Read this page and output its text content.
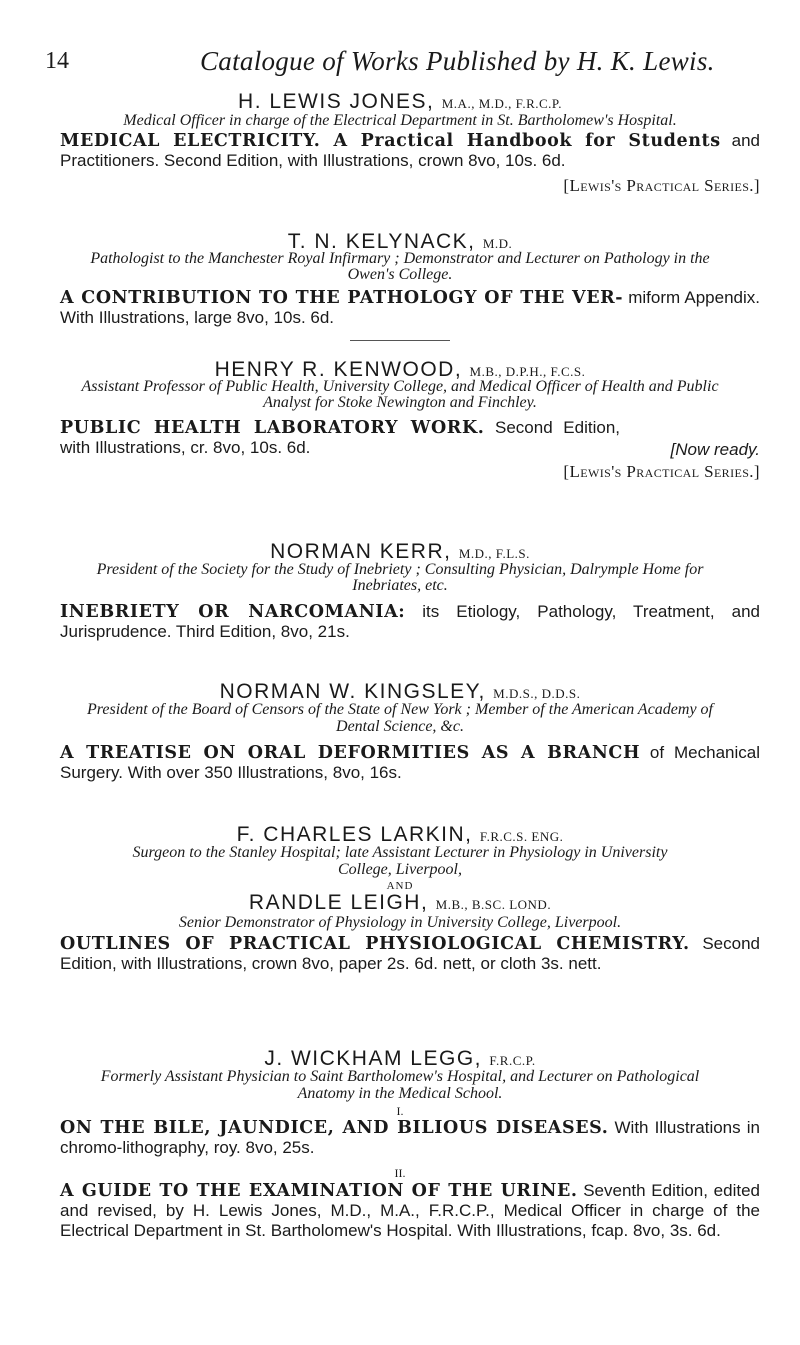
14	Catalogue of Works Published by H. K. Lewis.
H. LEWIS JONES, M.A., M.D., F.R.C.P.
Medical Officer in charge of the Electrical Department in St. Bartholomew's Hospital.
MEDICAL ELECTRICITY. A Practical Handbook for Students and Practitioners. Second Edition, with Illustrations, crown 8vo, 10s. 6d.
[Lewis's Practical Series.]
T. N. KELYNACK, M.D.
Pathologist to the Manchester Royal Infirmary ; Demonstrator and Lecturer on Pathology in the
Owen's College.
A CONTRIBUTION TO THE PATHOLOGY OF THE VER- miform Appendix. With Illustrations, large 8vo, 10s. 6d.
HENRY R. KENWOOD, M.B., D.P.H., F.C.S.
Assistant Professor of Public Health, University College, and Medical Officer of Health and Public
Analyst for Stoke Newington and Finchley.
PUBLIC HEALTH LABORATORY WORK. Second Edition, with Illustrations, cr. 8vo, 10s. 6d.	[Now ready.
[Lewis's Practical Series.]
NORMAN KERR, M.D., F.L.S.
President of the Society for the Study of Inebriety ; Consulting Physician, Dalrymple Home for
Inebriates, etc.
INEBRIETY OR NARCOMANIA: its Etiology, Pathology, Treatment, and Jurisprudence. Third Edition, 8vo, 21s.
NORMAN W. KINGSLEY, M.D.S., D.D.S.
President of the Board of Censors of the State of New York ; Member of the American Academy of
Dental Science, &c.
A TREATISE ON ORAL DEFORMITIES AS A BRANCH of Mechanical Surgery. With over 350 Illustrations, 8vo, 16s.
F. CHARLES LARKIN, F.R.C.S. ENG.
Surgeon to the Stanley Hospital; late Assistant Lecturer in Physiology in University
College, Liverpool,
AND
RANDLE LEIGH, M.B., B.SC. LOND.
Senior Demonstrator of Physiology in University College, Liverpool.
OUTLINES OF PRACTICAL PHYSIOLOGICAL CHEMISTRY. Second Edition, with Illustrations, crown 8vo, paper 2s. 6d. nett, or cloth 3s. nett.
J. WICKHAM LEGG, F.R.C.P.
Formerly Assistant Physician to Saint Bartholomew's Hospital, and Lecturer on Pathological
Anatomy in the Medical School.
I.
ON THE BILE, JAUNDICE, AND BILIOUS DISEASES. With Illustrations in chromo-lithography, roy. 8vo, 25s.
II.
A GUIDE TO THE EXAMINATION OF THE URINE. Seventh Edition, edited and revised, by H. Lewis Jones, M.D., M.A., F.R.C.P., Medical Officer in charge of the Electrical Department in St. Bartholomew's Hospital. With Illustrations, fcap. 8vo, 3s. 6d.
